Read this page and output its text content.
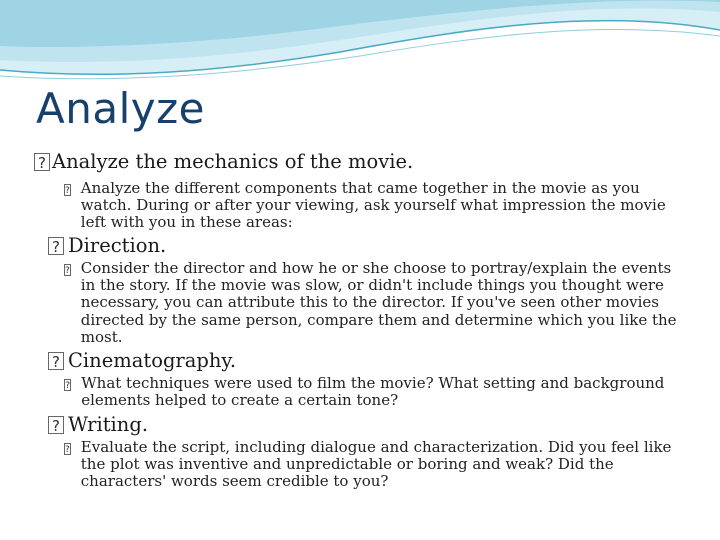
Analyze
? Analyze the mechanics of the movie.
? Analyze the different components that came together in the movie as you watch. During or after your viewing, ask yourself what impression the movie left with you in these areas:
? Direction.
? Consider the director and how he or she choose to portray/explain the events in the story. If the movie was slow, or didn't include things you thought were necessary, you can attribute this to the director. If you've seen other movies directed by the same person, compare them and determine which you like the most.
? Cinematography.
? What techniques were used to film the movie? What setting and background elements helped to create a certain tone?
? Writing.
? Evaluate the script, including dialogue and characterization. Did you feel like the plot was inventive and unpredictable or boring and weak? Did the characters' words seem credible to you?
